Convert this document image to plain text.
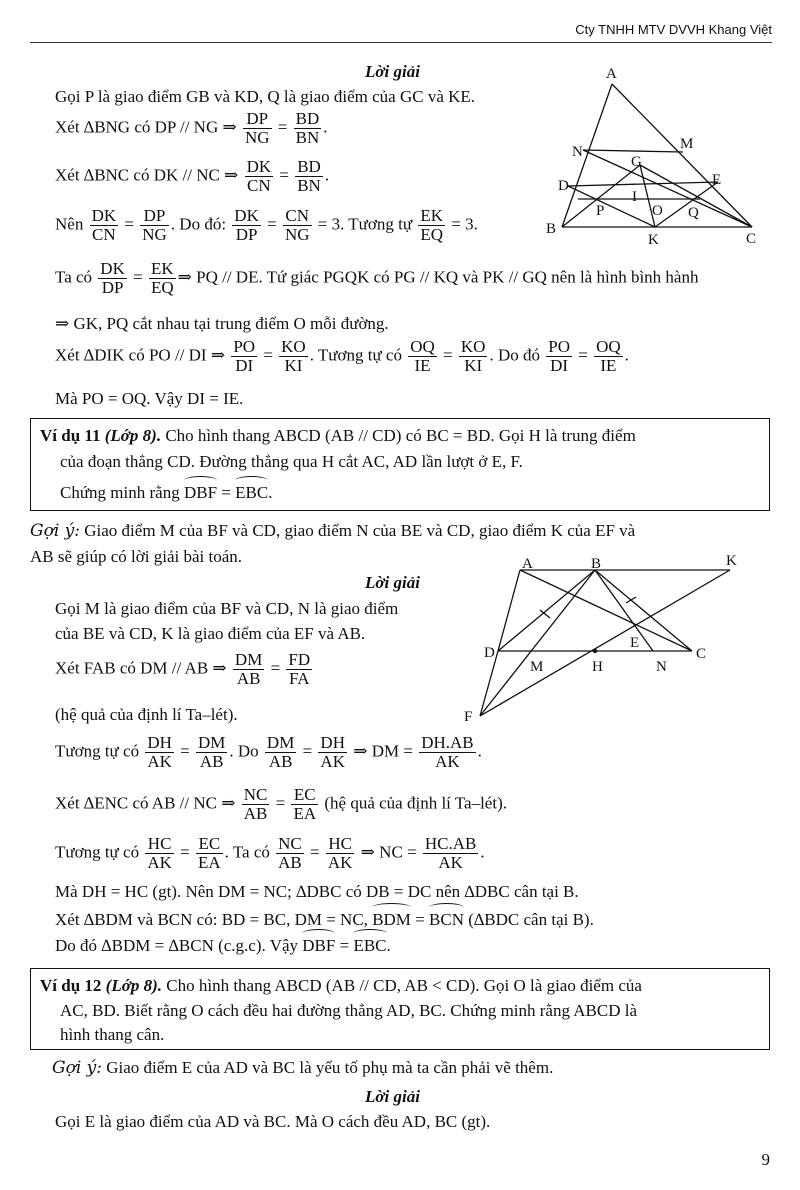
Cty TNHH MTV DVVH Khang Việt
Lời giải
Gọi P là giao điểm GB và KD, Q là giao điểm của GC và KE.
Xét ∆BNG có DP // NG ⇒ $\frac{DP}{NG} = \frac{BD}{BN}$ .
Xét ∆BNC có DK // NC ⇒ $\frac{DK}{CN} = \frac{BD}{BN}$ .
Nên $\frac{DK}{CN} = \frac{DP}{NG}$ . Do đó: $\frac{DK}{DP} = \frac{CN}{NG} = 3$. Tương tự $\frac{EK}{EQ} = 3$.
Ta có $\frac{DK}{DP} = \frac{EK}{EQ}$ ⇒ PQ // DE. Tứ giác PGQK có PG // KQ và PK // GQ nên là hình bình hành
⇒ GK, PQ cắt nhau tại trung điểm O mỗi đường.
Xét ∆DIK có PO // DI ⇒ $\frac{PO}{DI} = \frac{KO}{KI}$ . Tương tự có $\frac{OQ}{IE} = \frac{KO}{KI}$ . Do đó $\frac{PO}{DI} = \frac{OQ}{IE}$ .
Mà PO = OQ. Vậy DI = IE.
A
B
C
N	M
G
D	E
I
P	O Q
K
Ví dụ 11 (Lớp 8). Cho hình thang ABCD (AB // CD) có BC = BD. Gọi H là trung điểm
của đoạn thẳng CD. Đường thẳng qua H cắt AC, AD lần lượt ở E, F.
Chứng minh rằng DBF = EBC.
Gợi ý: Giao điểm M của BF và CD, giao điểm N của BE và CD, giao điểm K của EF và
AB sẽ giúp có lời giải bài toán.
Lời giải
Gọi M là giao điểm của BF và CD, N là giao điểm
của BE và CD, K là giao điểm của EF và AB.
Xét FAB có DM // AB ⇒ $\frac{DM}{AB} = \frac{FD}{FA}$
(hệ quả của định lí Ta–lét).
Tương tự có $\frac{DH}{AK} = \frac{DM}{AB}$ . Do $\frac{DM}{AB} = \frac{DH}{AK}$ ⇒ DM = $\frac{DH.AB}{AK}$ .
Xét ∆ENC có AB // NC ⇒ $\frac{NC}{AB} = \frac{EC}{EA}$ (hệ quả của định lí Ta–lét).
Tương tự có $\frac{HC}{AK} = \frac{EC}{EA}$ . Ta có $\frac{NC}{AB} = \frac{HC}{AK}$ ⇒ NC = $\frac{HC.AB}{AK}$ .
Mà DH = HC (gt). Nên DM = NC; ∆DBC có DB = DC nên ∆DBC cân tại B.
Xét ∆BDM và BCN có: BD = BC, DM = NC, BDM = BCN (∆BDC cân tại B).
Do đó ∆BDM = ∆BCN (c.g.c). Vậy DBF = EBC.
A	B	K
D
M	H
E
N
C
F
Ví dụ 12 (Lớp 8). Cho hình thang ABCD (AB // CD, AB < CD). Gọi O là giao điểm của
AC, BD. Biết rằng O cách đều hai đường thẳng AD, BC. Chứng minh rằng ABCD là
hình thang cân.
Gợi ý: Giao điểm E của AD và BC là yếu tố phụ mà ta cần phải vẽ thêm.
Lời giải
Gọi E là giao điểm của AD và BC. Mà O cách đều AD, BC (gt).
9
